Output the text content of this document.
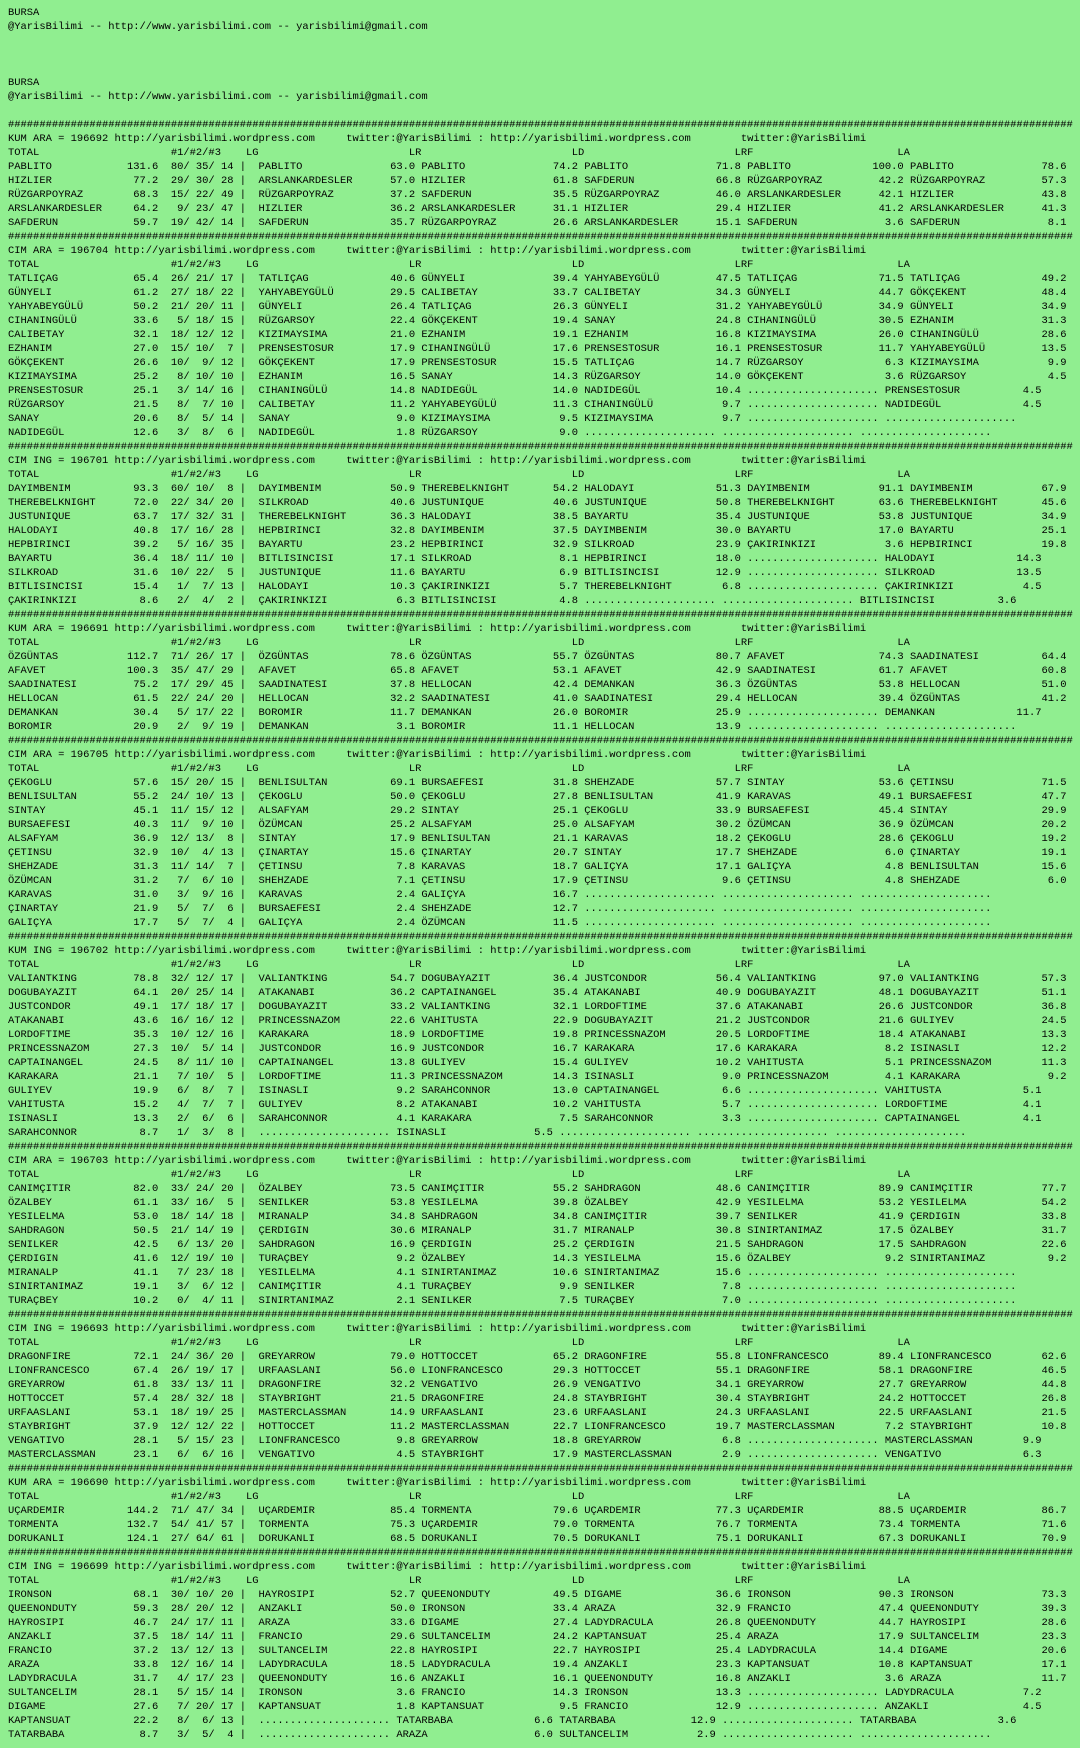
BURSA
@YarisBilimi -- http://www.yarisbilimi.com -- yarisbilimi@gmail.com
BURSA
@YarisBilimi -- http://www.yarisbilimi.com -- yarisbilimi@gmail.com
##########################################################################################################################################################################
KUM ARA = 196692 http://yarisbilimi.wordpress.com     twitter:@YarisBilimi : http://yarisbilimi.wordpress.com        twitter:@YarisBilimi
TOTAL                     #1/#2/#3    LG                        LR                        LD                        LRF                       LA
PABLITO            131.6  80/ 35/ 14 |  PABLITO              63.0 PABLITO              74.2 PABLITO              71.8 PABLITO             100.0 PABLITO              78.6
HIZLIER             77.2  29/ 30/ 28 |  ARSLANKARDESLER      57.0 HIZLIER              61.8 SAFDERUN             66.8 RÜZGARPOYRAZ         42.2 RÜZGARPOYRAZ         57.3
RÜZGARPOYRAZ        68.3  15/ 22/ 49 |  RÜZGARPOYRAZ         37.2 SAFDERUN             35.5 RÜZGARPOYRAZ         46.0 ARSLANKARDESLER      42.1 HIZLIER              43.8
ARSLANKARDESLER     64.2   9/ 23/ 47 |  HIZLIER              36.2 ARSLANKARDESLER      31.1 HIZLIER              29.4 HIZLIER              41.2 ARSLANKARDESLER      41.3
SAFDERUN            59.7  19/ 42/ 14 |  SAFDERUN             35.7 RÜZGARPOYRAZ         26.6 ARSLANKARDESLER      15.1 SAFDERUN              3.6 SAFDERUN              8.1
##########################################################################################################################################################################
CIM ARA = 196704 http://yarisbilimi.wordpress.com     twitter:@YarisBilimi : http://yarisbilimi.wordpress.com        twitter:@YarisBilimi
TOTAL                     #1/#2/#3    LG                        LR                        LD                        LRF                       LA
TATLIÇAG            65.4  26/ 21/ 17 |  TATLIÇAG             40.6 GÜNYELI              39.4 YAHYABEYGÜLÜ         47.5 TATLIÇAG             71.5 TATLIÇAG             49.2
GÜNYELI             61.2  27/ 18/ 22 |  YAHYABEYGÜLÜ         29.5 CALIBETAY            33.7 CALIBETAY            34.3 GÜNYELI              44.7 GÖKÇEKENT            48.4
YAHYABEYGÜLÜ        50.2  21/ 20/ 11 |  GÜNYELI              26.4 TATLIÇAG             26.3 GÜNYELI              31.2 YAHYABEYGÜLÜ         34.9 GÜNYELI              34.9
CIHANINGÜLÜ         33.6   5/ 18/ 15 |  RÜZGARSOY            22.4 GÖKÇEKENT            19.4 SANAY                24.8 CIHANINGÜLÜ          30.5 EZHANIM              31.3
CALIBETAY           32.1  18/ 12/ 12 |  KIZIMAYSIMA          21.0 EZHANIM              19.1 EZHANIM              16.8 KIZIMAYSIMA          26.0 CIHANINGÜLÜ          28.6
EZHANIM             27.0  15/ 10/  7 |  PRENSESTOSUR         17.9 CIHANINGÜLÜ          17.6 PRENSESTOSUR         16.1 PRENSESTOSUR         11.7 YAHYABEYGÜLÜ         13.5
GÖKÇEKENT           26.6  10/  9/ 12 |  GÖKÇEKENT            17.9 PRENSESTOSUR         15.5 TATLIÇAG             14.7 RÜZGARSOY             6.3 KIZIMAYSIMA           9.9
KIZIMAYSIMA         25.2   8/ 10/ 10 |  EZHANIM              16.5 SANAY                14.3 RÜZGARSOY            14.0 GÖKÇEKENT             3.6 RÜZGARSOY             4.5
PRENSESTOSUR        25.1   3/ 14/ 16 |  CIHANINGÜLÜ          14.8 NADIDEGÜL            14.0 NADIDEGÜL            10.4 ..................... PRENSESTOSUR          4.5
RÜZGARSOY           21.5   8/  7/ 10 |  CALIBETAY            11.2 YAHYABEYGÜLÜ         11.3 CIHANINGÜLÜ           9.7 ..................... NADIDEGÜL             4.5
SANAY               20.6   8/  5/ 14 |  SANAY                 9.0 KIZIMAYSIMA           9.5 KIZIMAYSIMA           9.7 ..................... .....................
NADIDEGÜL           12.6   3/  8/  6 |  NADIDEGÜL             1.8 RÜZGARSOY             9.0 ..................... ..................... .....................
##########################################################################################################################################################################
CIM ING = 196701 http://yarisbilimi.wordpress.com     twitter:@YarisBilimi : http://yarisbilimi.wordpress.com        twitter:@YarisBilimi
TOTAL                     #1/#2/#3    LG                        LR                        LD                        LRF                       LA
DAYIMBENIM          93.3  60/ 10/  8 |  DAYIMBENIM           50.9 THEREBELKNIGHT       54.2 HALODAYI             51.3 DAYIMBENIM           91.1 DAYIMBENIM           67.9
THEREBELKNIGHT      72.0  22/ 34/ 20 |  SILKROAD             40.6 JUSTUNIQUE           40.6 JUSTUNIQUE           50.8 THEREBELKNIGHT       63.6 THEREBELKNIGHT       45.6
JUSTUNIQUE          63.7  17/ 32/ 31 |  THEREBELKNIGHT       36.3 HALODAYI             38.5 BAYARTU              35.4 JUSTUNIQUE           53.8 JUSTUNIQUE           34.9
HALODAYI            40.8  17/ 16/ 28 |  HEPBIRINCI           32.8 DAYIMBENIM           37.5 DAYIMBENIM           30.0 BAYARTU              17.0 BAYARTU              25.1
HEPBIRINCI          39.2   5/ 16/ 35 |  BAYARTU              23.2 HEPBIRINCI           32.9 SILKROAD             23.9 ÇAKIRINKIZI           3.6 HEPBIRINCI           19.8
BAYARTU             36.4  18/ 11/ 10 |  BITLISINCISI         17.1 SILKROAD              8.1 HEPBIRINCI           18.0 ..................... HALODAYI             14.3
SILKROAD            31.6  10/ 22/  5 |  JUSTUNIQUE           11.6 BAYARTU               6.9 BITLISINCISI         12.9 ..................... SILKROAD             13.5
BITLISINCISI        15.4   1/  7/ 13 |  HALODAYI             10.3 ÇAKIRINKIZI           5.7 THEREBELKNIGHT        6.8 ..................... ÇAKIRINKIZI           4.5
ÇAKIRINKIZI          8.6   2/  4/  2 |  ÇAKIRINKIZI           6.3 BITLISINCISI          4.8 ..................... ..................... BITLISINCISI          3.6
##########################################################################################################################################################################
KUM ARA = 196691 http://yarisbilimi.wordpress.com     twitter:@YarisBilimi : http://yarisbilimi.wordpress.com        twitter:@YarisBilimi
TOTAL                     #1/#2/#3    LG                        LR                        LD                        LRF                       LA
ÖZGÜNTAS           112.7  71/ 26/ 17 |  ÖZGÜNTAS             78.6 ÖZGÜNTAS             55.7 ÖZGÜNTAS             80.7 AFAVET               74.3 SAADINATESI          64.4
AFAVET             100.3  35/ 47/ 29 |  AFAVET               65.8 AFAVET               53.1 AFAVET               42.9 SAADINATESI          61.7 AFAVET               60.8
SAADINATESI         75.2  17/ 29/ 45 |  SAADINATESI          37.8 HELLOCAN             42.4 DEMANKAN             36.3 ÖZGÜNTAS             53.8 HELLOCAN             51.0
HELLOCAN            61.5  22/ 24/ 20 |  HELLOCAN             32.2 SAADINATESI          41.0 SAADINATESI          29.4 HELLOCAN             39.4 ÖZGÜNTAS             41.2
DEMANKAN            30.4   5/ 17/ 22 |  BOROMIR              11.7 DEMANKAN             26.0 BOROMIR              25.9 ..................... DEMANKAN             11.7
BOROMIR             20.9   2/  9/ 19 |  DEMANKAN              3.1 BOROMIR              11.1 HELLOCAN             13.9 ..................... .....................
##########################################################################################################################################################################
CIM ARA = 196705 http://yarisbilimi.wordpress.com     twitter:@YarisBilimi : http://yarisbilimi.wordpress.com        twitter:@YarisBilimi
TOTAL                     #1/#2/#3    LG                        LR                        LD                        LRF                       LA
ÇEKOGLU             57.6  15/ 20/ 15 |  BENLISULTAN          69.1 BURSAEFESI           31.8 SHEHZADE             57.7 SINTAY               53.6 ÇETINSU              71.5
BENLISULTAN         55.2  24/ 10/ 13 |  ÇEKOGLU              50.0 ÇEKOGLU              27.8 BENLISULTAN          41.9 KARAVAS              49.1 BURSAEFESI           47.7
SINTAY              45.1  11/ 15/ 12 |  ALSAFYAM             29.2 SINTAY               25.1 ÇEKOGLU              33.9 BURSAEFESI           45.4 SINTAY               29.9
BURSAEFESI          40.3  11/  9/ 10 |  ÖZÜMCAN              25.2 ALSAFYAM             25.0 ALSAFYAM             30.2 ÖZÜMCAN              36.9 ÖZÜMCAN              20.2
ALSAFYAM            36.9  12/ 13/  8 |  SINTAY               17.9 BENLISULTAN          21.1 KARAVAS              18.2 ÇEKOGLU              28.6 ÇEKOGLU              19.2
ÇETINSU             32.9  10/  4/ 13 |  ÇINARTAY             15.6 ÇINARTAY             20.7 SINTAY               17.7 SHEHZADE              6.0 ÇINARTAY             19.1
SHEHZADE            31.3  11/ 14/  7 |  ÇETINSU               7.8 KARAVAS              18.7 GALIÇYA              17.1 GALIÇYA               4.8 BENLISULTAN          15.6
ÖZÜMCAN             31.2   7/  6/ 10 |  SHEHZADE              7.1 ÇETINSU              17.9 ÇETINSU               9.6 ÇETINSU               4.8 SHEHZADE              6.0
KARAVAS             31.0   3/  9/ 16 |  KARAVAS               2.4 GALIÇYA              16.7 ..................... ..................... .....................
ÇINARTAY            21.9   5/  7/  6 |  BURSAEFESI            2.4 SHEHZADE             12.7 ..................... ..................... .....................
GALIÇYA             17.7   5/  7/  4 |  GALIÇYA               2.4 ÖZÜMCAN              11.5 ..................... ..................... .....................
##########################################################################################################################################################################
KUM ING = 196702 http://yarisbilimi.wordpress.com     twitter:@YarisBilimi : http://yarisbilimi.wordpress.com        twitter:@YarisBilimi
TOTAL                     #1/#2/#3    LG                        LR                        LD                        LRF                       LA
VALIANTKING         78.8  32/ 12/ 17 |  VALIANTKING          54.7 DOGUBAYAZIT          36.4 JUSTCONDOR           56.4 VALIANTKING          97.0 VALIANTKING          57.3
DOGUBAYAZIT         64.1  20/ 25/ 14 |  ATAKANABI            36.2 CAPTAINANGEL         35.4 ATAKANABI            40.9 DOGUBAYAZIT          48.1 DOGUBAYAZIT          51.1
JUSTCONDOR          49.1  17/ 18/ 17 |  DOGUBAYAZIT          33.2 VALIANTKING          32.1 LORDOFTIME           37.6 ATAKANABI            26.6 JUSTCONDOR           36.8
ATAKANABI           43.6  16/ 16/ 12 |  PRINCESSNAZOM        22.6 VAHITUSTA            22.9 DOGUBAYAZIT          21.2 JUSTCONDOR           21.6 GULIYEV              24.5
LORDOFTIME          35.3  10/ 12/ 16 |  KARAKARA             18.9 LORDOFTIME           19.8 PRINCESSNAZOM        20.5 LORDOFTIME           18.4 ATAKANABI            13.3
PRINCESSNAZOM       27.3  10/  5/ 14 |  JUSTCONDOR           16.9 JUSTCONDOR           16.7 KARAKARA             17.6 KARAKARA              8.2 ISINASLI             12.2
CAPTAINANGEL        24.5   8/ 11/ 10 |  CAPTAINANGEL         13.8 GULIYEV              15.4 GULIYEV              10.2 VAHITUSTA             5.1 PRINCESSNAZOM        11.3
KARAKARA            21.1   7/ 10/  5 |  LORDOFTIME           11.3 PRINCESSNAZOM        14.3 ISINASLI              9.0 PRINCESSNAZOM         4.1 KARAKARA              9.2
GULIYEV             19.9   6/  8/  7 |  ISINASLI              9.2 SARAHCONNOR          13.0 CAPTAINANGEL          6.6 ..................... VAHITUSTA             5.1
VAHITUSTA           15.2   4/  7/  7 |  GULIYEV               8.2 ATAKANABI            10.2 VAHITUSTA             5.7 ..................... LORDOFTIME            4.1
ISINASLI            13.3   2/  6/  6 |  SARAHCONNOR           4.1 KARAKARA              7.5 SARAHCONNOR           3.3 ..................... CAPTAINANGEL          4.1
SARAHCONNOR          8.7   1/  3/  8 |  ..................... ISINASLI              5.5 ..................... ..................... .....................
##########################################################################################################################################################################
CIM ARA = 196703 http://yarisbilimi.wordpress.com     twitter:@YarisBilimi : http://yarisbilimi.wordpress.com        twitter:@YarisBilimi
TOTAL                     #1/#2/#3    LG                        LR                        LD                        LRF                       LA
CANIMÇITIR          82.0  33/ 24/ 20 |  ÖZALBEY              73.5 CANIMÇITIR           55.2 SAHDRAGON            48.6 CANIMÇITIR           89.9 CANIMÇITIR           77.7
ÖZALBEY             61.1  33/ 16/  5 |  SENILKER             53.8 YESILELMA            39.8 ÖZALBEY              42.9 YESILELMA            53.2 YESILELMA            54.2
YESILELMA           53.0  18/ 14/ 18 |  MIRANALP             34.8 SAHDRAGON            34.8 CANIMÇITIR           39.7 SENILKER             41.9 ÇERDIGIN             33.8
SAHDRAGON           50.5  21/ 14/ 19 |  ÇERDIGIN             30.6 MIRANALP             31.7 MIRANALP             30.8 SINIRTANIMAZ         17.5 ÖZALBEY              31.7
SENILKER            42.5   6/ 13/ 20 |  SAHDRAGON            16.9 ÇERDIGIN             25.2 ÇERDIGIN             21.5 SAHDRAGON            17.5 SAHDRAGON            22.6
ÇERDIGIN            41.6  12/ 19/ 10 |  TURAÇBEY              9.2 ÖZALBEY              14.3 YESILELMA            15.6 ÖZALBEY               9.2 SINIRTANIMAZ          9.2
MIRANALP            41.1   7/ 23/ 18 |  YESILELMA             4.1 SINIRTANIMAZ         10.6 SINIRTANIMAZ         15.6 ..................... .....................
SINIRTANIMAZ        19.1   3/  6/ 12 |  CANIMÇITIR            4.1 TURAÇBEY              9.9 SENILKER              7.8 ..................... .....................
TURAÇBEY            10.2   0/  4/ 11 |  SINIRTANIMAZ          2.1 SENILKER              7.5 TURAÇBEY              7.0 ..................... .....................
##########################################################################################################################################################################
CIM ING = 196693 http://yarisbilimi.wordpress.com     twitter:@YarisBilimi : http://yarisbilimi.wordpress.com        twitter:@YarisBilimi
TOTAL                     #1/#2/#3    LG                        LR                        LD                        LRF                       LA
DRAGONFIRE          72.1  24/ 36/ 20 |  GREYARROW            79.0 HOTTOCCET            65.2 DRAGONFIRE           55.8 LIONFRANCESCO        89.4 LIONFRANCESCO        62.6
LIONFRANCESCO       67.4  26/ 19/ 17 |  URFAASLANI           56.0 LIONFRANCESCO        29.3 HOTTOCCET            55.1 DRAGONFIRE           58.1 DRAGONFIRE           46.5
GREYARROW           61.8  33/ 13/ 11 |  DRAGONFIRE           32.2 VENGATIVO            26.9 VENGATIVO            34.1 GREYARROW            27.7 GREYARROW            44.8
HOTTOCCET           57.4  28/ 32/ 18 |  STAYBRIGHT           21.5 DRAGONFIRE           24.8 STAYBRIGHT           30.4 STAYBRIGHT           24.2 HOTTOCCET            26.8
URFAASLANI          53.1  18/ 19/ 25 |  MASTERCLASSMAN       14.9 URFAASLANI           23.6 URFAASLANI           24.3 URFAASLANI           22.5 URFAASLANI           21.5
STAYBRIGHT          37.9  12/ 12/ 22 |  HOTTOCCET            11.2 MASTERCLASSMAN       22.7 LIONFRANCESCO        19.7 MASTERCLASSMAN        7.2 STAYBRIGHT           10.8
VENGATIVO           28.1   5/ 15/ 23 |  LIONFRANCESCO         9.8 GREYARROW            18.8 GREYARROW             6.8 ..................... MASTERCLASSMAN        9.9
MASTERCLASSMAN      23.1   6/  6/ 16 |  VENGATIVO             4.5 STAYBRIGHT           17.9 MASTERCLASSMAN        2.9 ..................... VENGATIVO             6.3
##########################################################################################################################################################################
KUM ARA = 196690 http://yarisbilimi.wordpress.com     twitter:@YarisBilimi : http://yarisbilimi.wordpress.com        twitter:@YarisBilimi
TOTAL                     #1/#2/#3    LG                        LR                        LD                        LRF                       LA
UÇARDEMIR          144.2  71/ 47/ 34 |  UÇARDEMIR            85.4 TORMENTA             79.6 UÇARDEMIR            77.3 UÇARDEMIR            88.5 UÇARDEMIR            86.7
TORMENTA           132.7  54/ 41/ 57 |  TORMENTA             75.3 UÇARDEMIR            79.0 TORMENTA             76.7 TORMENTA             73.4 TORMENTA             71.6
DORUKANLI          124.1  27/ 64/ 61 |  DORUKANLI            68.5 DORUKANLI            70.5 DORUKANLI            75.1 DORUKANLI            67.3 DORUKANLI            70.9
##########################################################################################################################################################################
CIM ING = 196699 http://yarisbilimi.wordpress.com     twitter:@YarisBilimi : http://yarisbilimi.wordpress.com        twitter:@YarisBilimi
TOTAL                     #1/#2/#3    LG                        LR                        LD                        LRF                       LA
IRONSON             68.1  30/ 10/ 20 |  HAYROSIPI            52.7 QUEENONDUTY          49.5 DIGAME               36.6 IRONSON              90.3 IRONSON              73.3
QUEENONDUTY         59.3  28/ 20/ 12 |  ANZAKLI              50.0 IRONSON              33.4 ARAZA                32.9 FRANCIO              47.4 QUEENONDUTY          39.3
HAYROSIPI           46.7  24/ 17/ 11 |  ARAZA                33.6 DIGAME               27.4 LADYDRACULA          26.8 QUEENONDUTY          44.7 HAYROSIPI            28.6
ANZAKLI             37.5  18/ 14/ 11 |  FRANCIO              29.6 SULTANCELIM          24.2 KAPTANSUAT           25.4 ARAZA                17.9 SULTANCELIM          23.3
FRANCIO             37.2  13/ 12/ 13 |  SULTANCELIM          22.8 HAYROSIPI            22.7 HAYROSIPI            25.4 LADYDRACULA          14.4 DIGAME               20.6
ARAZA               33.8  12/ 16/ 14 |  LADYDRACULA          18.5 LADYDRACULA          19.4 ANZAKLI              23.3 KAPTANSUAT           10.8 KAPTANSUAT           17.1
LADYDRACULA         31.7   4/ 17/ 23 |  QUEENONDUTY          16.6 ANZAKLI              16.1 QUEENONDUTY          16.8 ANZAKLI               3.6 ARAZA                11.7
SULTANCELIM         28.1   5/ 15/ 14 |  IRONSON               3.6 FRANCIO              14.3 IRONSON              13.3 ..................... LADYDRACULA           7.2
DIGAME              27.6   7/ 20/ 17 |  KAPTANSUAT            1.8 KAPTANSUAT            9.5 FRANCIO              12.9 ..................... ANZAKLI               4.5
KAPTANSUAT          22.2   8/  6/ 13 |  ..................... TATARBABA             6.6 TATARBABA            12.9 ..................... TATARBABA             3.6
TATARBABA            8.7   3/  5/  4 |  ..................... ARAZA                 6.0 SULTANCELIM           2.9 ..................... .....................
